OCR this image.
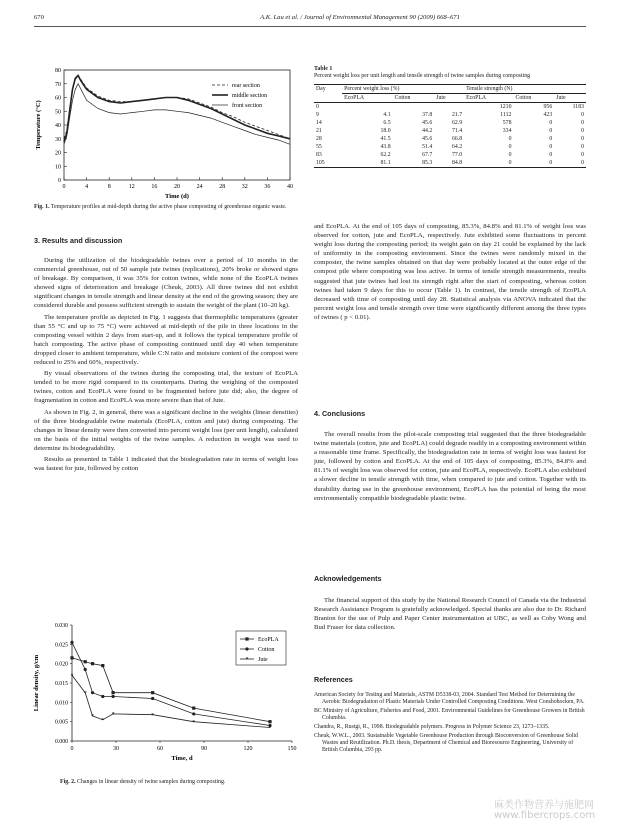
670	A.K. Lau et al. / Journal of Environmental Management 90 (2009) 668–671
0
10
20
30
40
50
60
70
80
0	4	8	12	16	20	24	28	32	36	40
Time (d)
Temperature (°C)
rear section
middle section
front section
Fig. 1. Temperature profiles at mid-depth during the active phase composting of greenhouse organic waste.
3. Results and discussion

During the utilization of the biodegradable twines over a period of 10 months in the commercial greenhouse, out of 50 sample jute twines (replications), 20% broke or showed signs of breakage. By comparison, it was 35% for cotton twines, while none of the EcoPLA twines showed signs of deterioration and breakage (Cheuk, 2003). All three twines did not exhibit significant changes in tensile strength and linear density at the end of the growing season; they are considered durable and possess sufficient strength to sustain the weight of the plant (10–20 kg).

The temperature profile as depicted in Fig. 1 suggests that thermophilic temperatures (greater than 55 °C and up to 75 °C) were achieved at mid-depth of the pile in three locations in the composting vessel within 2 days from start-up, and it follows the typical temperature profile of batch composting. The active phase of composting continued until day 40 when temperature dropped closer to ambient temperature, while C:N ratio and moisture content of the compost were reduced to 25% and 60%, respectively.

By visual observations of the twines during the composting trial, the texture of EcoPLA tended to be more rigid compared to its counterparts. During the weighing of the composted twines, cotton and EcoPLA were found to be fragmented before jute did; also, the degree of fragmentation in cotton and EcoPLA was more severe than that of Jute.

As shown in Fig. 2, in general, there was a significant decline in the weights (linear densities) of the three biodegradable twine materials (EcoPLA, cotton and jute) during composting. The changes in linear density were then converted into percent weight loss (per unit length), calculated on the basis of the initial weights of the twine samples. A reduction in weight was used to determine its biodegradability.

Results as presented in Table 1 indicated that the biodegradation rate in terms of weight loss was fastest for jute, followed by cotton

0.000
0.005
0.010
0.015
0.020
0.025
0.030
0	30	60	90	120	150
Time, d
Linear density, g/cm	*
*
*
*
*	*
*
*
EcoPLA
Cotton
* Jute
Fig. 2. Changes in linear density of twine samples during composting.
Table 1
Percent weight loss per unit length and tensile strength of twine samples during composting
Day	Percent weight loss (%)			Tensile strength (N)		
	EcoPLA	Cotton	Jute	EcoPLA	Cotton	Jute
0				1210	956	1183
9	4.1	37.8	21.7	1112	423	0
14	6.5	45.6	62.9	578	0	0
21	18.0	44.2	71.4	334	0	0
28	41.5	45.6	66.8	0	0	0
55	43.8	51.4	64.2	0	0	0
83	62.2	67.7	77.0	0	0	0
105	81.1	85.3	84.8	0	0	0

and EcoPLA. At the end of 105 days of composting, 85.3%, 84.8% and 81.1% of weight loss was observed for cotton, jute and EcoPLA, respectively. Jute exhibited some fluctuations in percent weight loss during the composting period; its weight gain on day 21 could be explained by the lack of uniformity in the composting environment. Since the twines were randomly mixed in the composter, the twine samples obtained on that day were probably located at the outer edge of the compost pile where composting was less active. In terms of tensile strength measurements, results suggested that jute twines had lost its strength right after the start of composting, whereas cotton twines had taken 9 days for this to occur (Table 1). In contrast, the tensile strength of EcoPLA decreased with time of composting until day 28. Statistical analysis via ANOVA indicated that the percent weight loss and tensile strength over time were significantly different among the three types of twines ( p < 0.01).

4. Conclusions

The overall results from the pilot-scale composting trial suggested that the three biodegradable twine materials (cotton, jute and EcoPLA) could degrade readily in a composting environment within a reasonable time frame. Specifically, the biodegradation rate in terms of weight loss was fastest for jute, followed by cotton and EcoPLA. At the end of 105 days of composting, 85.3%, 84.8% and 81.1% of weight loss was observed for cotton, jute and EcoPLA, respectively. EcoPLA also exhibited a slower decline in tensile strength with time, when compared to jute and cotton. Together with its durability during use in the greenhouse environment, EcoPLA has the potential of being the most environmentally compatible biodegradable plastic twine.

Acknowledgements

The financial support of this study by the National Research Council of Canada via the Industrial Research Assistance Program is gratefully acknowledged. Special thanks are also due to Dr. Richard Branion for the use of Pulp and Paper Center instrumentation at UBC, as well as Coby Wong and Bud Fraser for data collection.

References
American Society for Testing and Materials, ASTM D5338-03, 2004. Standard Test Method for Determining the Aerobic Biodegradation of Plastic Materials Under Controlled Composting Conditions. West Conshohocken, PA.
BC Ministry of Agriculture, Fisheries and Food, 2001. Environmental Guidelines for Greenhouse Growers in British Columbia.
Chandra, R., Rustgi, R., 1998. Biodegradable polymers. Progress in Polymer Science 23, 1273–1335.
Cheuk, W.W.L., 2003. Sustainable Vegetable Greenhouse Production through Bioconversion of Greenhouse Solid Wastes and Reutilization. Ph.D. thesis, Department of Chemical and Bioresource Engineering, University of British Columbia, 293 pp.
麻类作物营养与施肥网
www.fibercrops.com
